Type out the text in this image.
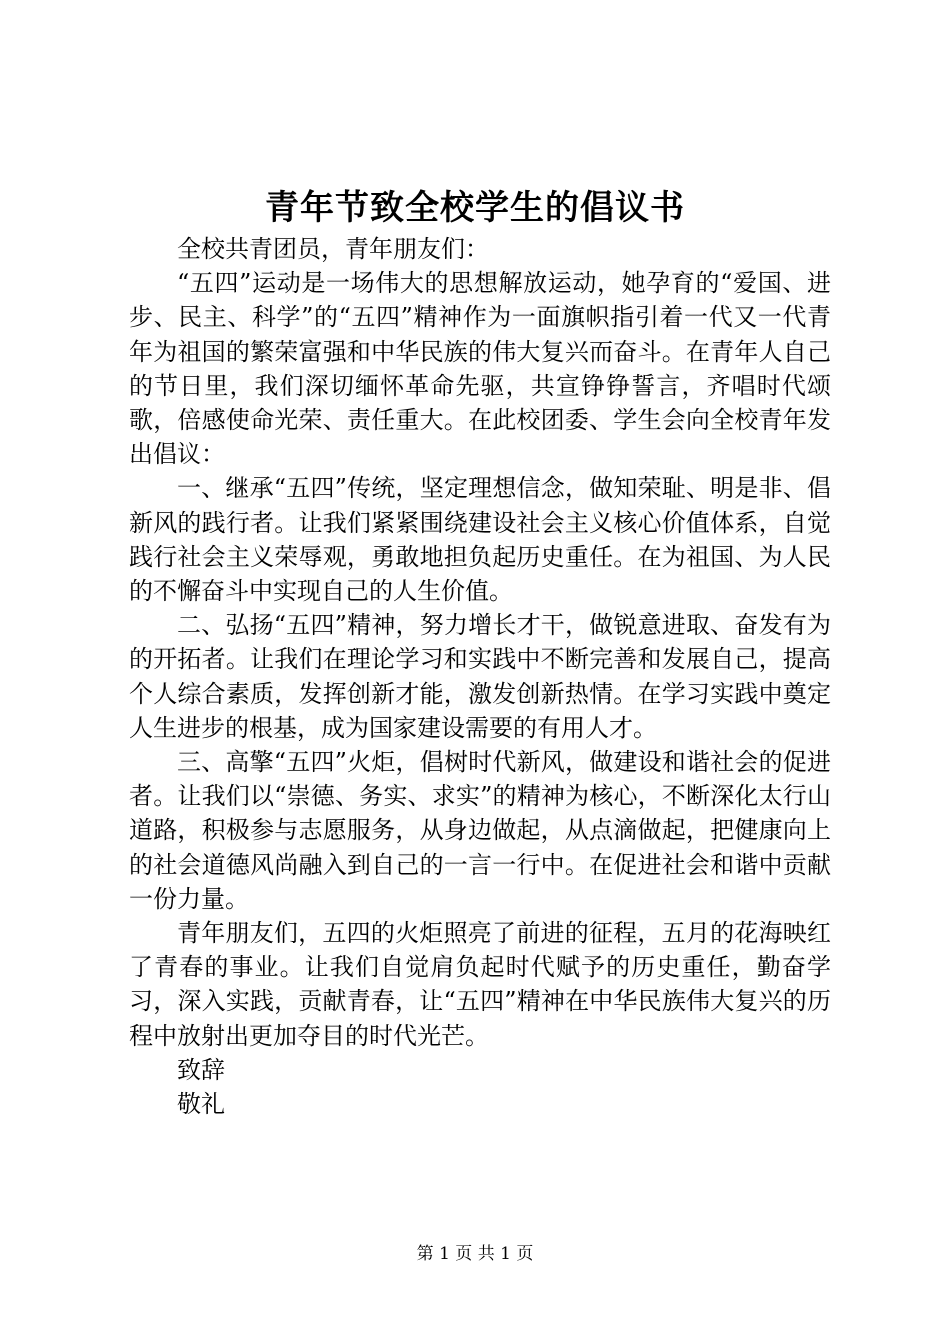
青年节致全校学生的倡议书

全校共青团员，青年朋友们：

“五四”运动是一场伟大的思想解放运动，她孕育的“爱国、进步、民主、科学”的“五四”精神作为一面旗帜指引着一代又一代青年为祖国的繁荣富强和中华民族的伟大复兴而奋斗。在青年人自己的节日里，我们深切缅怀革命先驱，共宣铮铮誓言，齐唱时代颂歌，倍感使命光荣、责任重大。在此校团委、学生会向全校青年发出倡议：

一、继承“五四”传统，坚定理想信念，做知荣耻、明是非、倡新风的践行者。让我们紧紧围绕建设社会主义核心价值体系，自觉践行社会主义荣辱观，勇敢地担负起历史重任。在为祖国、为人民的不懈奋斗中实现自己的人生价值。

二、弘扬“五四”精神，努力增长才干，做锐意进取、奋发有为的开拓者。让我们在理论学习和实践中不断完善和发展自己，提高个人综合素质，发挥创新才能，激发创新热情。在学习实践中奠定人生进步的根基，成为国家建设需要的有用人才。

三、高擎“五四”火炬，倡树时代新风，做建设和谐社会的促进者。让我们以“崇德、务实、求实”的精神为核心，不断深化太行山道路，积极参与志愿服务，从身边做起，从点滴做起，把健康向上的社会道德风尚融入到自己的一言一行中。在促进社会和谐中贡献一份力量。

青年朋友们，五四的火炬照亮了前进的征程，五月的花海映红了青春的事业。让我们自觉肩负起时代赋予的历史重任，勤奋学习，深入实践，贡献青春，让“五四”精神在中华民族伟大复兴的历程中放射出更加夺目的时代光芒。

致辞

敬礼

第 1 页 共 1 页
